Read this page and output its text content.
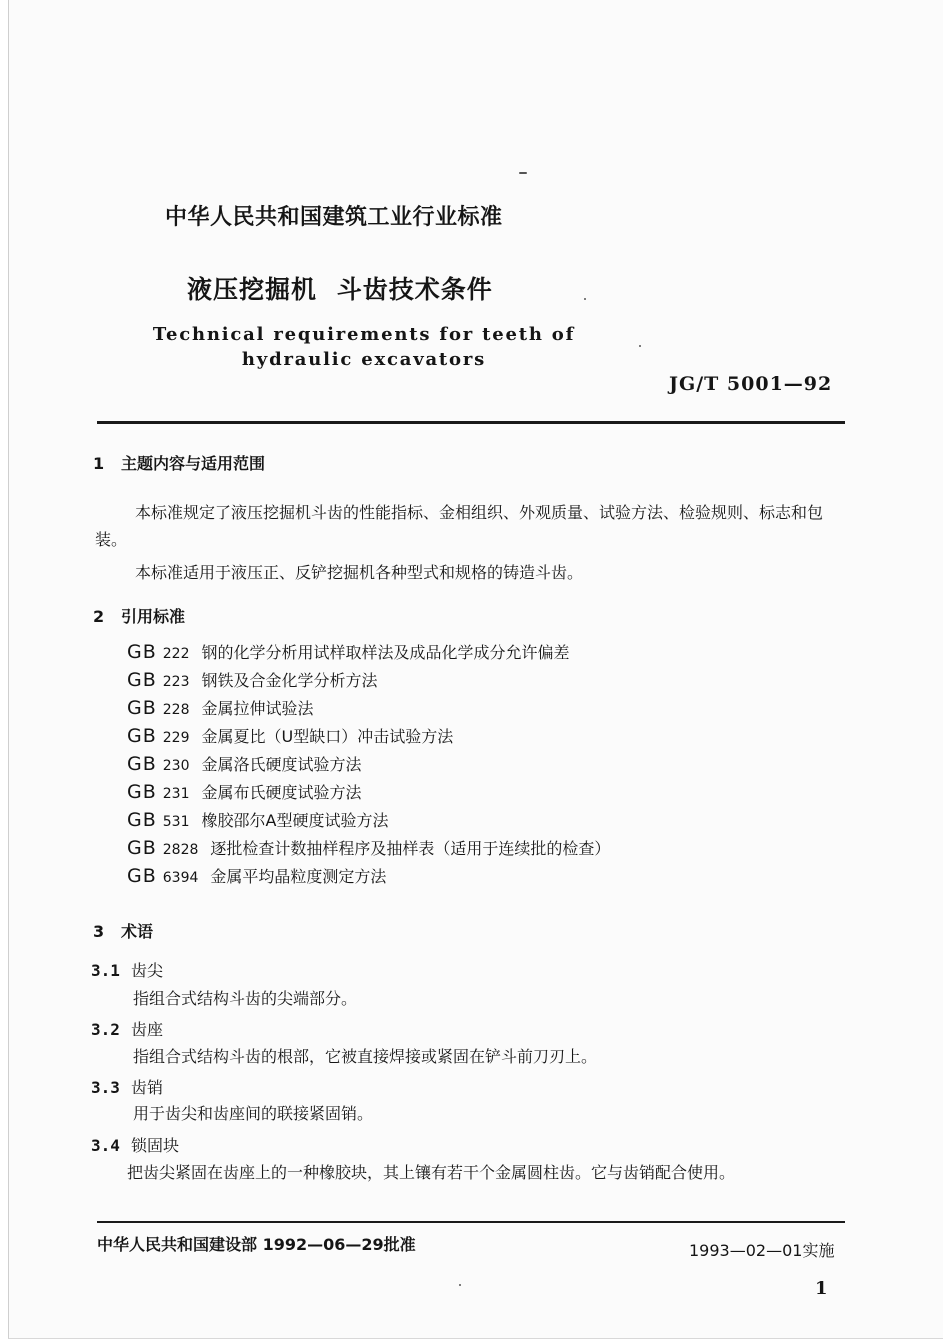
中华人民共和国建筑工业行业标准
液压挖掘机 斗齿技术条件
Technical requirements for teeth of hydraulic excavators
JG/T 5001—92
1 主题内容与适用范围
本标准规定了液压挖掘机斗齿的性能指标、金相组织、外观质量、试验方法、检验规则、标志和包装。
本标准适用于液压正、反铲挖掘机各种型式和规格的铸造斗齿。
2 引用标准
GB 222 钢的化学分析用试样取样法及成品化学成分允许偏差
GB 223 钢铁及合金化学分析方法
GB 228 金属拉伸试验法
GB 229 金属夏比（U型缺口）冲击试验方法
GB 230 金属洛氏硬度试验方法
GB 231 金属布氏硬度试验方法
GB 531 橡胶邵尔A型硬度试验方法
GB 2828 逐批检查计数抽样程序及抽样表（适用于连续批的检查）
GB 6394 金属平均晶粒度测定方法
3 术语
3.1 齿尖
指组合式结构斗齿的尖端部分。
3.2 齿座
指组合式结构斗齿的根部，它被直接焊接或紧固在铲斗前刀刃上。
3.3 齿销
用于齿尖和齿座间的联接紧固销。
3.4 锁固块
把齿尖紧固在齿座上的一种橡胶块，其上镶有若干个金属圆柱齿。它与齿销配合使用。
中华人民共和国建设部 1992—06—29批准	1993—02—01实施
1
